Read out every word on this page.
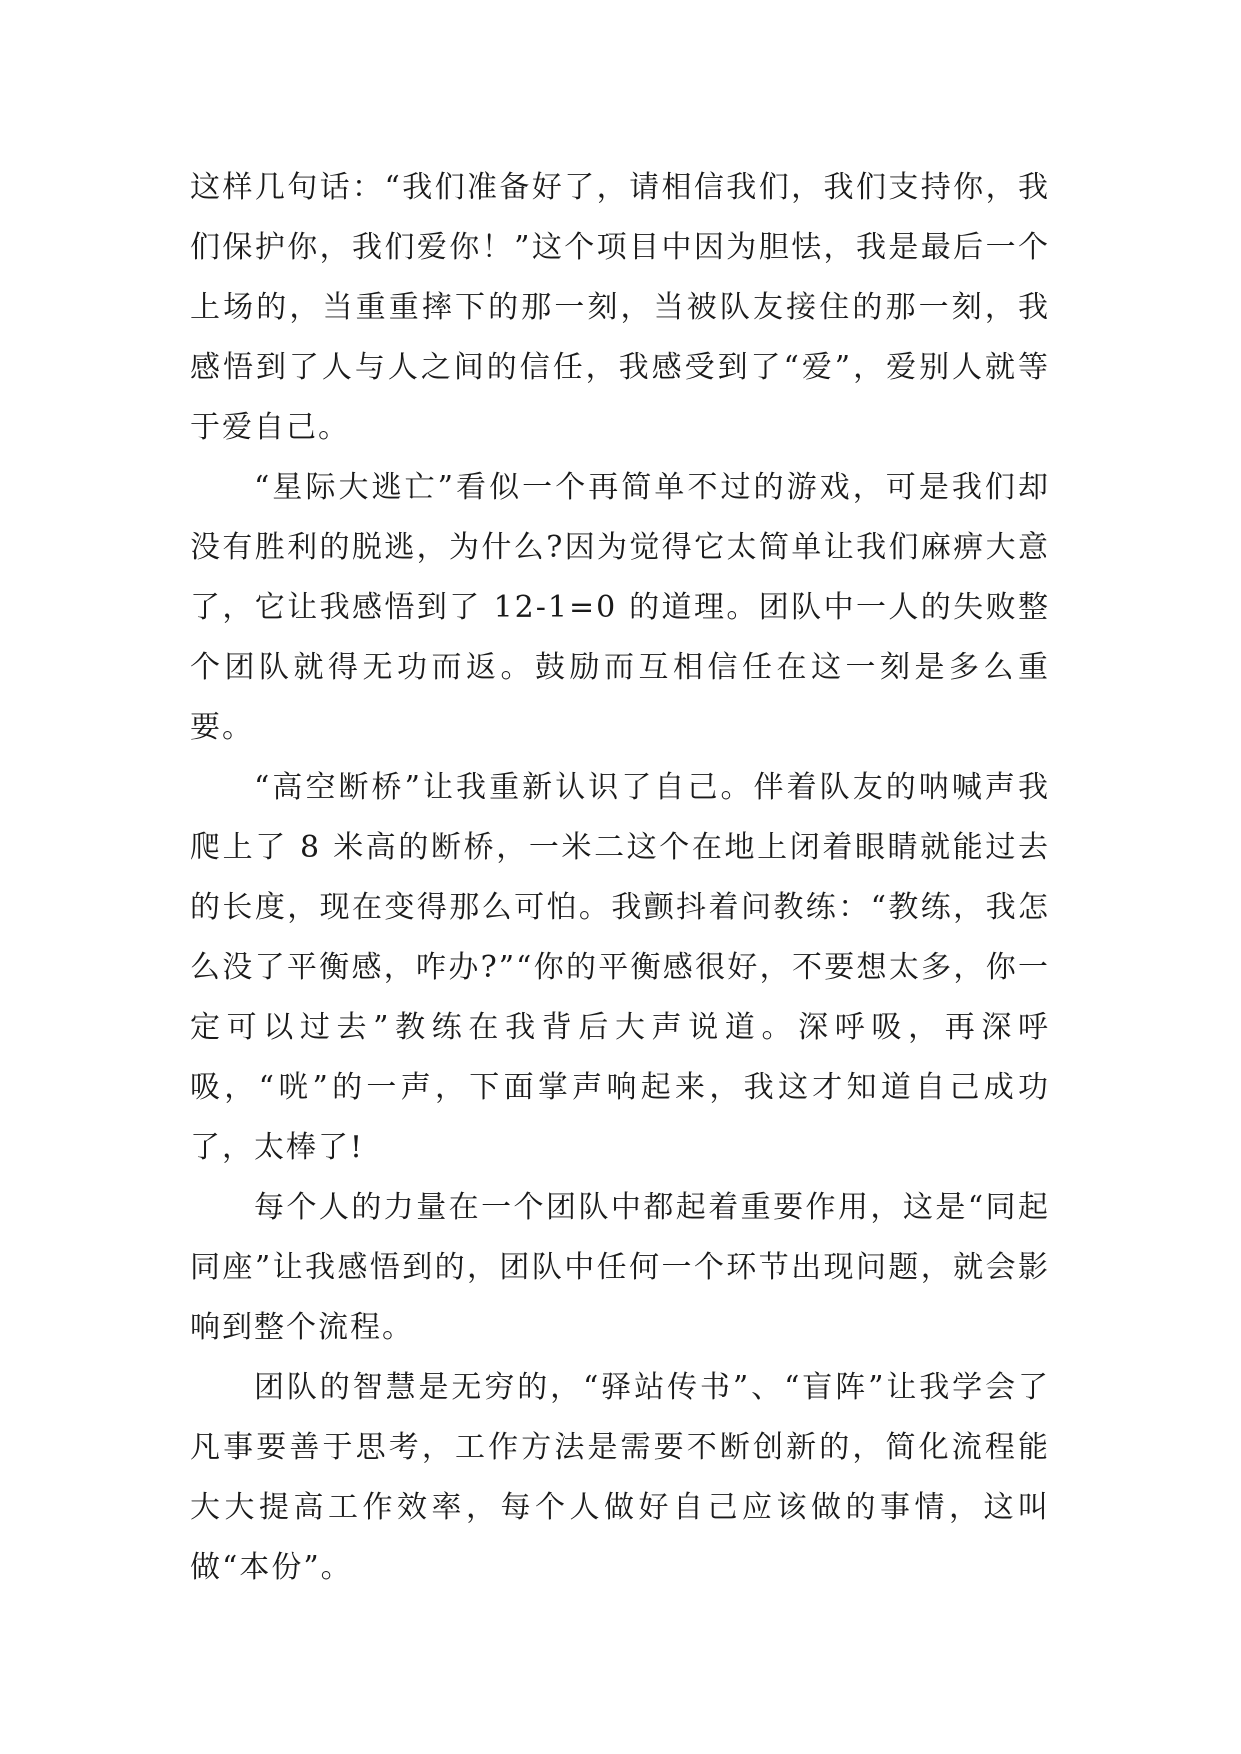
这样几句话：“我们准备好了，请相信我们，我们支持你，我们保护你，我们爱你！”这个项目中因为胆怯，我是最后一个上场的，当重重摔下的那一刻，当被队友接住的那一刻，我感悟到了人与人之间的信任，我感受到了“爱”，爱别人就等于爱自己。

“星际大逃亡”看似一个再简单不过的游戏，可是我们却没有胜利的脱逃，为什么?因为觉得它太简单让我们麻痹大意了，它让我感悟到了 12-1=0 的道理。团队中一人的失败整个团队就得无功而返。鼓励而互相信任在这一刻是多么重要。

“高空断桥”让我重新认识了自己。伴着队友的呐喊声我爬上了 8 米高的断桥，一米二这个在地上闭着眼睛就能过去的长度，现在变得那么可怕。我颤抖着问教练：“教练，我怎么没了平衡感，咋办?”“你的平衡感很好，不要想太多，你一定可以过去”教练在我背后大声说道。深呼吸，再深呼吸，“咣”的一声，下面掌声响起来，我这才知道自己成功了，太棒了!

每个人的力量在一个团队中都起着重要作用，这是“同起同座”让我感悟到的，团队中任何一个环节出现问题，就会影响到整个流程。

团队的智慧是无穷的，“驿站传书”、“盲阵”让我学会了凡事要善于思考，工作方法是需要不断创新的，简化流程能大大提高工作效率，每个人做好自己应该做的事情，这叫做“本份”。
